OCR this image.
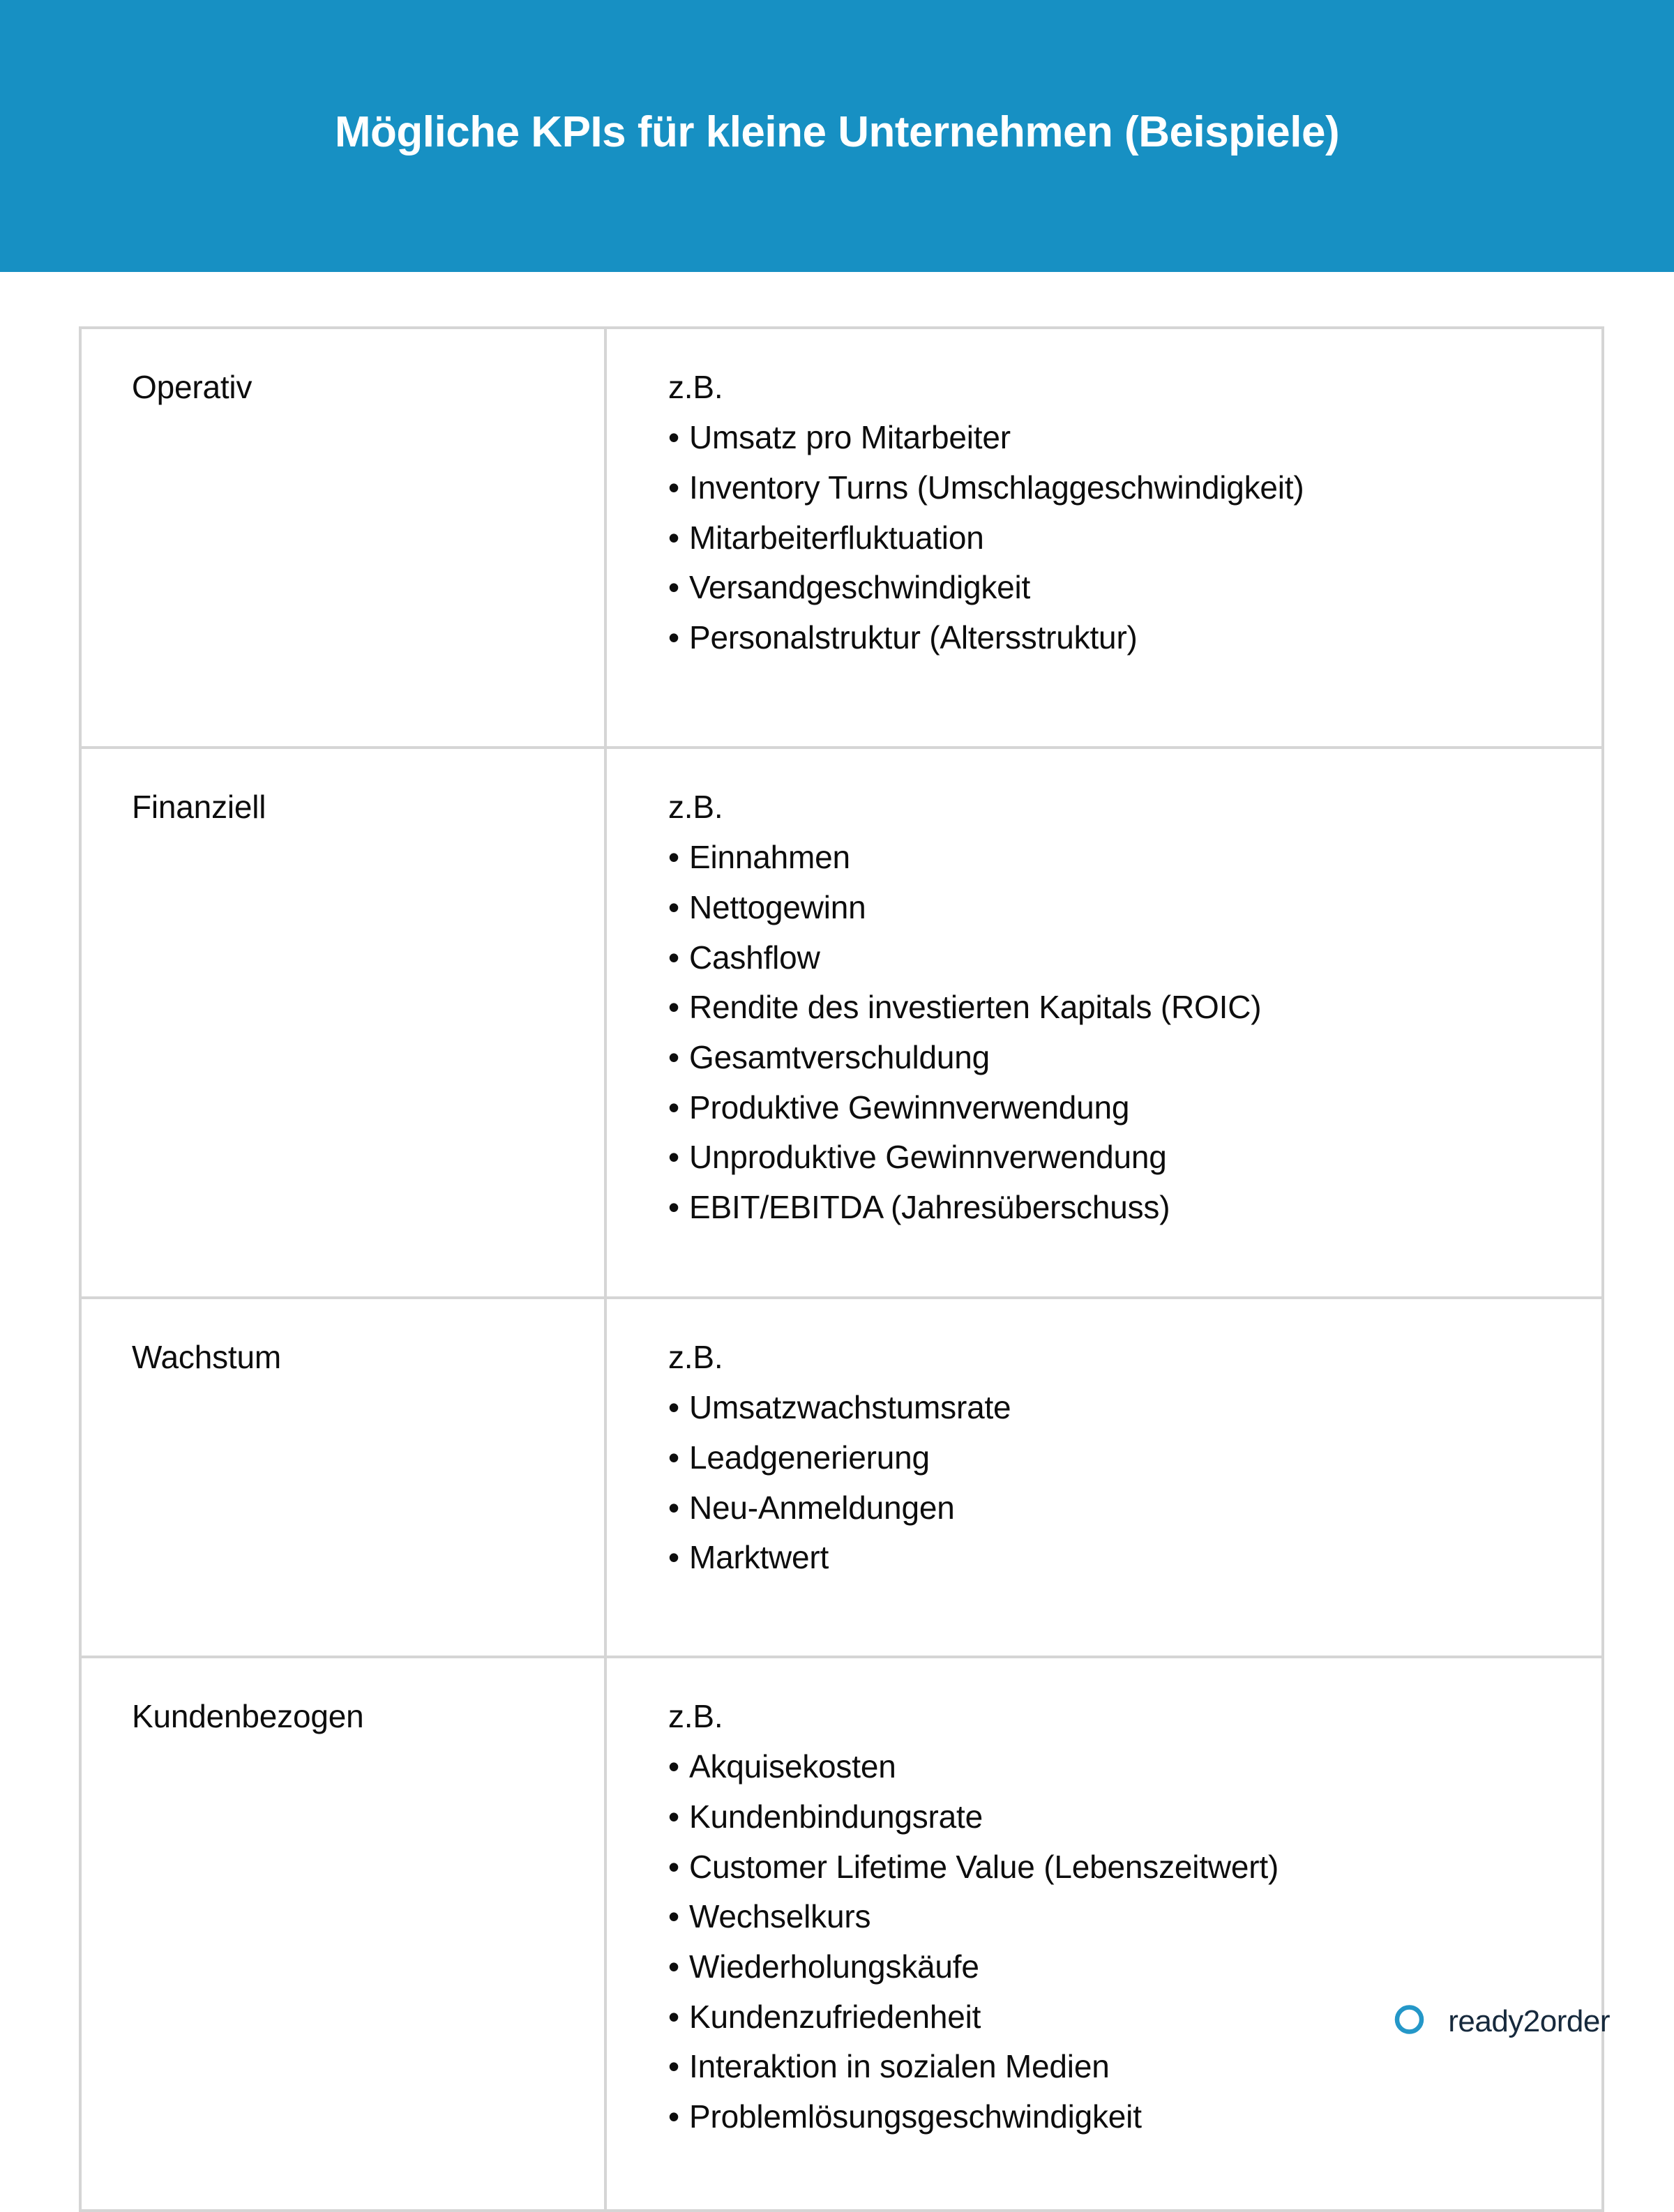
Mögliche KPIs für kleine Unternehmen (Beispiele)
Operativ	z.B.
• Umsatz pro Mitarbeiter
• Inventory Turns (Umschlaggeschwindigkeit)
• Mitarbeiterfluktuation
• Versandgeschwindigkeit
• Personalstruktur (Altersstruktur)

Finanziell	z.B.
• Einnahmen
• Nettogewinn
• Cashflow
• Rendite des investierten Kapitals (ROIC)
• Gesamtverschuldung
• Produktive Gewinnverwendung
• Unproduktive Gewinnverwendung
• EBIT/EBITDA (Jahresüberschuss)

Wachstum	z.B.
• Umsatzwachstumsrate
• Leadgenerierung
• Neu-Anmeldungen
• Marktwert

Kundenbezogen	z.B.
• Akquisekosten
• Kundenbindungsrate
• Customer Lifetime Value (Lebenszeitwert)
• Wechselkurs
• Wiederholungskäufe
• Kundenzufriedenheit
• Interaktion in sozialen Medien
• Problemlösungsgeschwindigkeit
ready2order
